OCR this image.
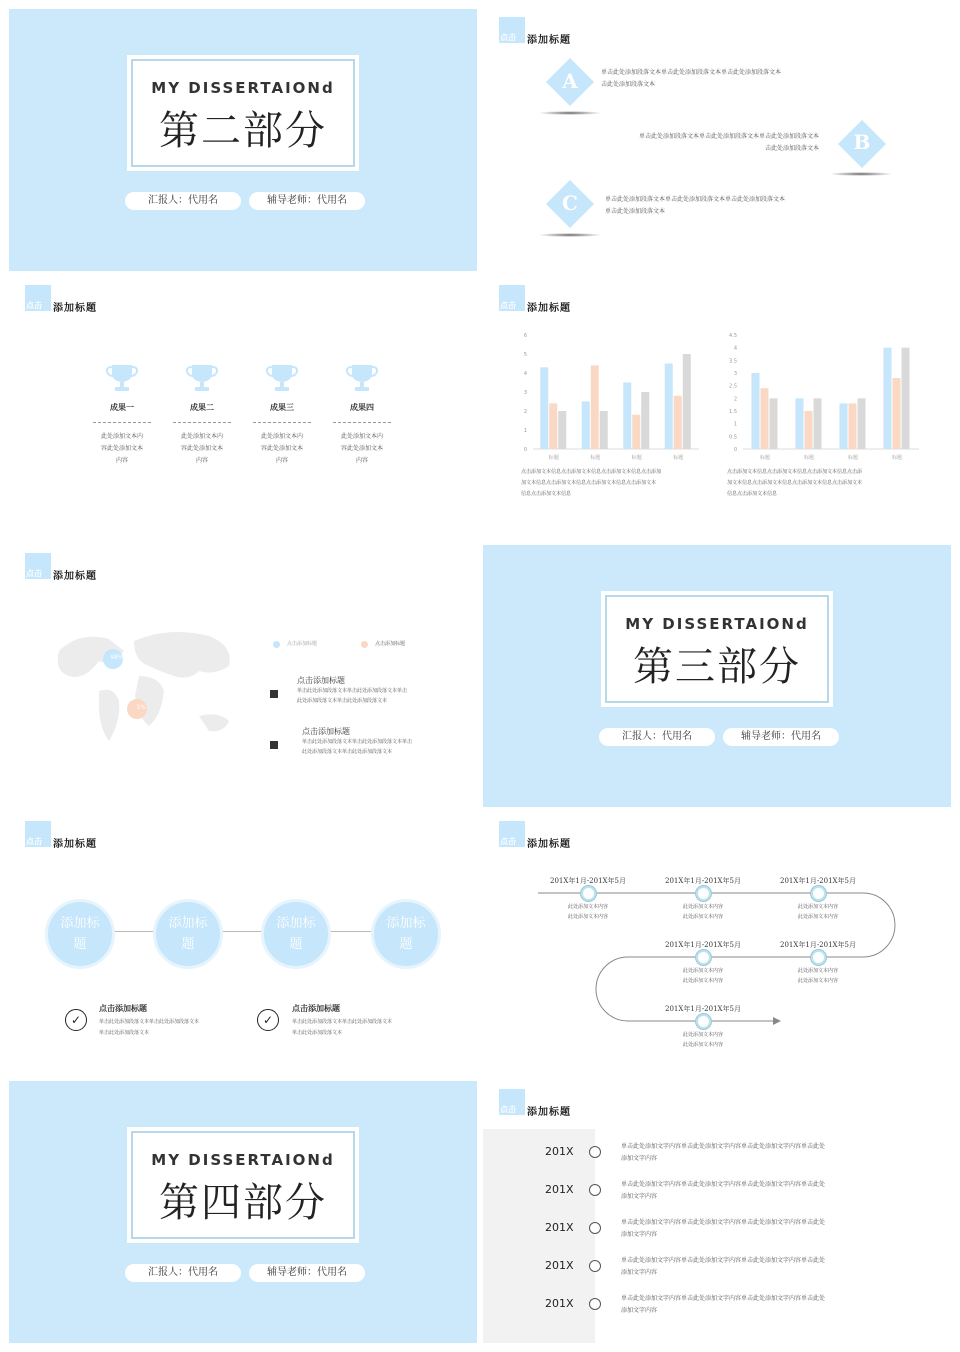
MY DISSERTAIONd
第二部分
汇报人：代用名	辅导老师：代用名
点击 添加标题
A	单击此处添加段落文本单击此处添加段落文本单击此处添加段落文本
击此处添加段落文本
B
单击此处添加段落文本单击此处添加段落文本单击此处添加段落文本
击此处添加段落文本
C	单击此处添加段落文本单击此处添加段落文本单击此处添加段落文本
单击此处添加段落文本
点击 添加标题
成果一
此处添加文本内
容此处添加文本
内容
成果二
此处添加文本内
容此处添加文本
内容
成果三
此处添加文本内
容此处添加文本
内容
成果四
此处添加文本内
容此处添加文本
内容
点击 添加标题
0
1
2
3
4
5
6
标题	标题	标题	标题
0
0.5
1
1.5
2
2.5
3
3.5
4
4.5
标题	标题	标题	标题
点击添加文本信息点击添加文本信息点击添加文本信息点击添加
加文本信息点击添加文本信息点击添加文本信息点击添加文本
信息点击添加文本信息
点击添加文本信息点击添加文本信息点击添加文本信息点击添
加文本信息点击添加文本信息点击添加文本信息点击添加文本
信息点击添加文本信息
点击 添加标题
98%
1%
点击添加标题	点击添加标题
点击添加标题
单击此处添加段落文本单击此处添加段落文本单击
此处添加段落文本单击此处添加段落文本
点击添加标题
单击此处添加段落文本单击此处添加段落文本单击
此处添加段落文本单击此处添加段落文本
MY DISSERTAIONd
第三部分
汇报人：代用名	辅导老师：代用名
点击 添加标题
添加标题
添加标题
添加标题
添加标题
✓
点击添加标题
单击此处添加段落文本单击此处添加段落文本
单击此处添加段落文本
✓
点击添加标题
单击此处添加段落文本单击此处添加段落文本
单击此处添加段落文本
点击 添加标题
201X年1月-201X年5月
此处添加文本内容
此处添加文本内容
201X年1月-201X年5月
此处添加文本内容
此处添加文本内容
201X年1月-201X年5月
此处添加文本内容
此处添加文本内容
201X年1月-201X年5月
此处添加文本内容
此处添加文本内容
201X年1月-201X年5月
此处添加文本内容
此处添加文本内容
201X年1月-201X年5月
此处添加文本内容
此处添加文本内容
MY DISSERTAIONd
第四部分
汇报人：代用名	辅导老师：代用名
点击 添加标题
201X	单击此处添加文字内容单击此处添加文字内容单击此处添加文字内容单击此处
添加文字内容
201X	单击此处添加文字内容单击此处添加文字内容单击此处添加文字内容单击此处
添加文字内容
201X	单击此处添加文字内容单击此处添加文字内容单击此处添加文字内容单击此处
添加文字内容
201X	单击此处添加文字内容单击此处添加文字内容单击此处添加文字内容单击此处
添加文字内容
201X	单击此处添加文字内容单击此处添加文字内容单击此处添加文字内容单击此处
添加文字内容
